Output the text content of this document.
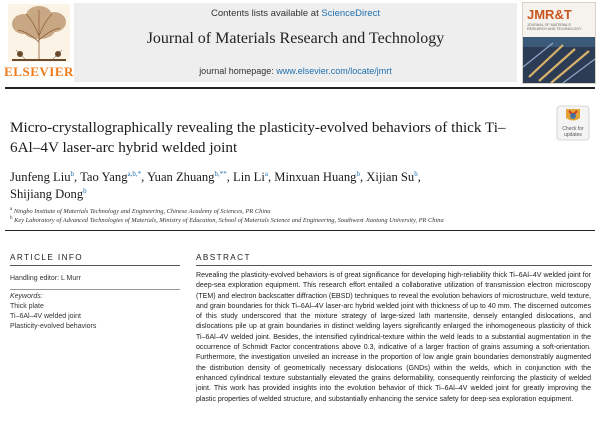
Contents lists available at ScienceDirect
Journal of Materials Research and Technology
journal homepage: www.elsevier.com/locate/jmrt
ELSEVIER
JMR&T
JOURNAL OF MATERIALS RESEARCH AND TECHNOLOGY
Micro-crystallographically revealing the plasticity-evolved behaviors of thick Ti–6Al–4V laser-arc hybrid welded joint
Check for
updates
Junfeng Liu$^b$, Tao Yang$^{a,b,*}$, Yuan Zhuang$^{b,**}$, Lin Li$^a$, Minxuan Huang$^b$, Xijian Su$^b$,
Shijiang Dong$^b$
$^a$ Ningbo Institute of Materials Technology and Engineering, Chinese Academy of Sciences, PR China
$^b$ Key Laboratory of Advanced Technologies of Materials, Ministry of Education, School of Materials Science and Engineering, Southwest Jiaotong University, PR China
ARTICLE INFO
Handling editor: L Murr
Keywords:
Thick plate
Ti–6Al–4V welded joint
Plasticity-evolved behaviors
ABSTRACT

Revealing the plasticity-evolved behaviors is of great significance for developing high-reliability thick Ti–6Al–4V welded joint for deep-sea exploration equipment. This research effort entailed a collaborative utilization of transmission electron microscopy (TEM) and electron backscatter diffraction (EBSD) techniques to reveal the evolution behaviors of microstructure, weld texture, and grain boundaries for thick Ti–6Al–4V laser-arc hybrid welded joint with thickness of up to 40 mm. The discerned outcomes of this study underscored that the mixture strategy of large-sized lath martensite, densely entangled dislocations, and dislocations pile up at grain boundaries in distinct welding layers significantly enlarged the inhomogeneous plasticity of thick Ti–6Al–4V welded joint. Besides, the intensified cylindrical-texture within the weld leads to a substantial augmentation in the occurrence of Schmidt Factor concentrations above 0.3, indicative of a larger fraction of grains assuming a soft-orientation. Furthermore, the investigation unveiled an increase in the proportion of low angle grain boundaries demonstrably augmented the distribution density of geometrically necessary dislocations (GNDs) within the welds, which in conjunction with the enhanced cylindrical texture substantially elevated the grains deformability, consequently reinforcing the plasticity of welded joint. This work has provided insights into the evolution behavior of thick Ti–6Al–4V welded joint for greatly improving the plastic properties of welded structure, and substantially enhancing the service safety for deep-sea exploration equipment.
